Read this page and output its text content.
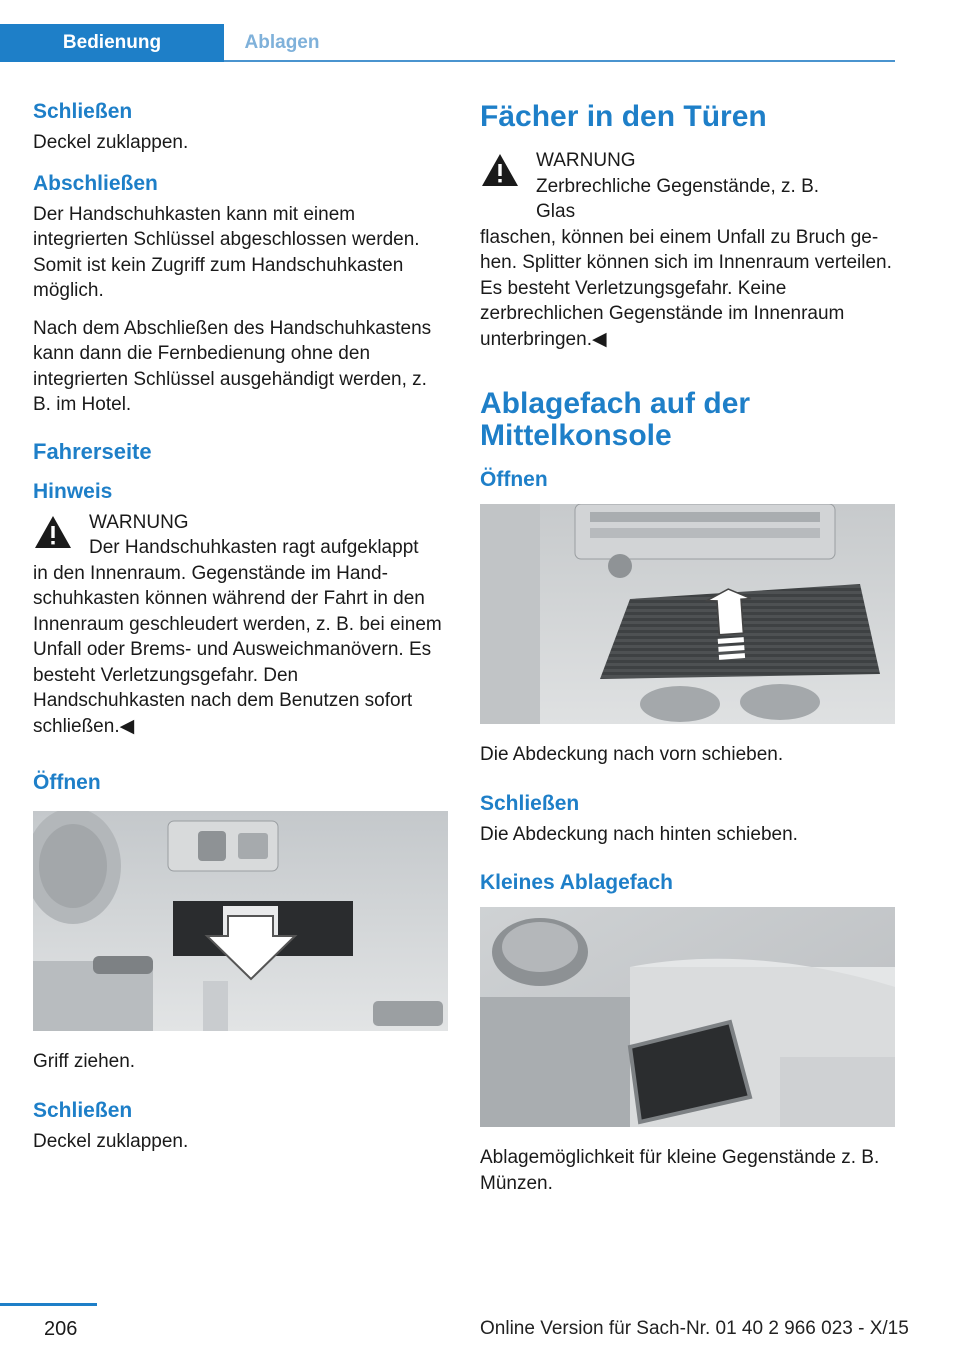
Bedienung	Ablagen
Schließen

Deckel zuklappen.

Abschließen

Der Handschuhkasten kann mit einem integrierten Schlüssel abgeschlossen werden. Somit ist kein Zugriff zum Handschuhkasten möglich.

Nach dem Abschließen des Handschuhkastens kann dann die Fernbedienung ohne den integrierten Schlüssel ausgehändigt werden, z. B. im Hotel.

Fahrerseite
Hinweis
WARNUNG
Der Handschuhkasten ragt aufgeklappt

in den Innenraum. Gegenstände im Handschuhkasten können während der Fahrt in den Innenraum geschleudert werden, z. B. bei einem Unfall oder Brems- und Ausweichmanövern. Es besteht Verletzungsgefahr. Den Handschuhkasten nach dem Benutzen sofort schließen.◀

Öffnen

Griff ziehen.

Schließen

Deckel zuklappen.

Fächer in den Türen
WARNUNG
Zerbrechliche Gegenstände, z. B. Glas

flaschen, können bei einem Unfall zu Bruch gehen. Splitter können sich im Innenraum verteilen. Es besteht Verletzungsgefahr. Keine zerbrechlichen Gegenstände im Innenraum unterbringen.◀

Ablagefach auf der Mittelkonsole
Öffnen

Die Abdeckung nach vorn schieben.

Schließen

Die Abdeckung nach hinten schieben.

Kleines Ablagefach

Ablagemöglichkeit für kleine Gegenstände z. B. Münzen.

206	Online Version für Sach-Nr. 01 40 2 966 023 - X/15
